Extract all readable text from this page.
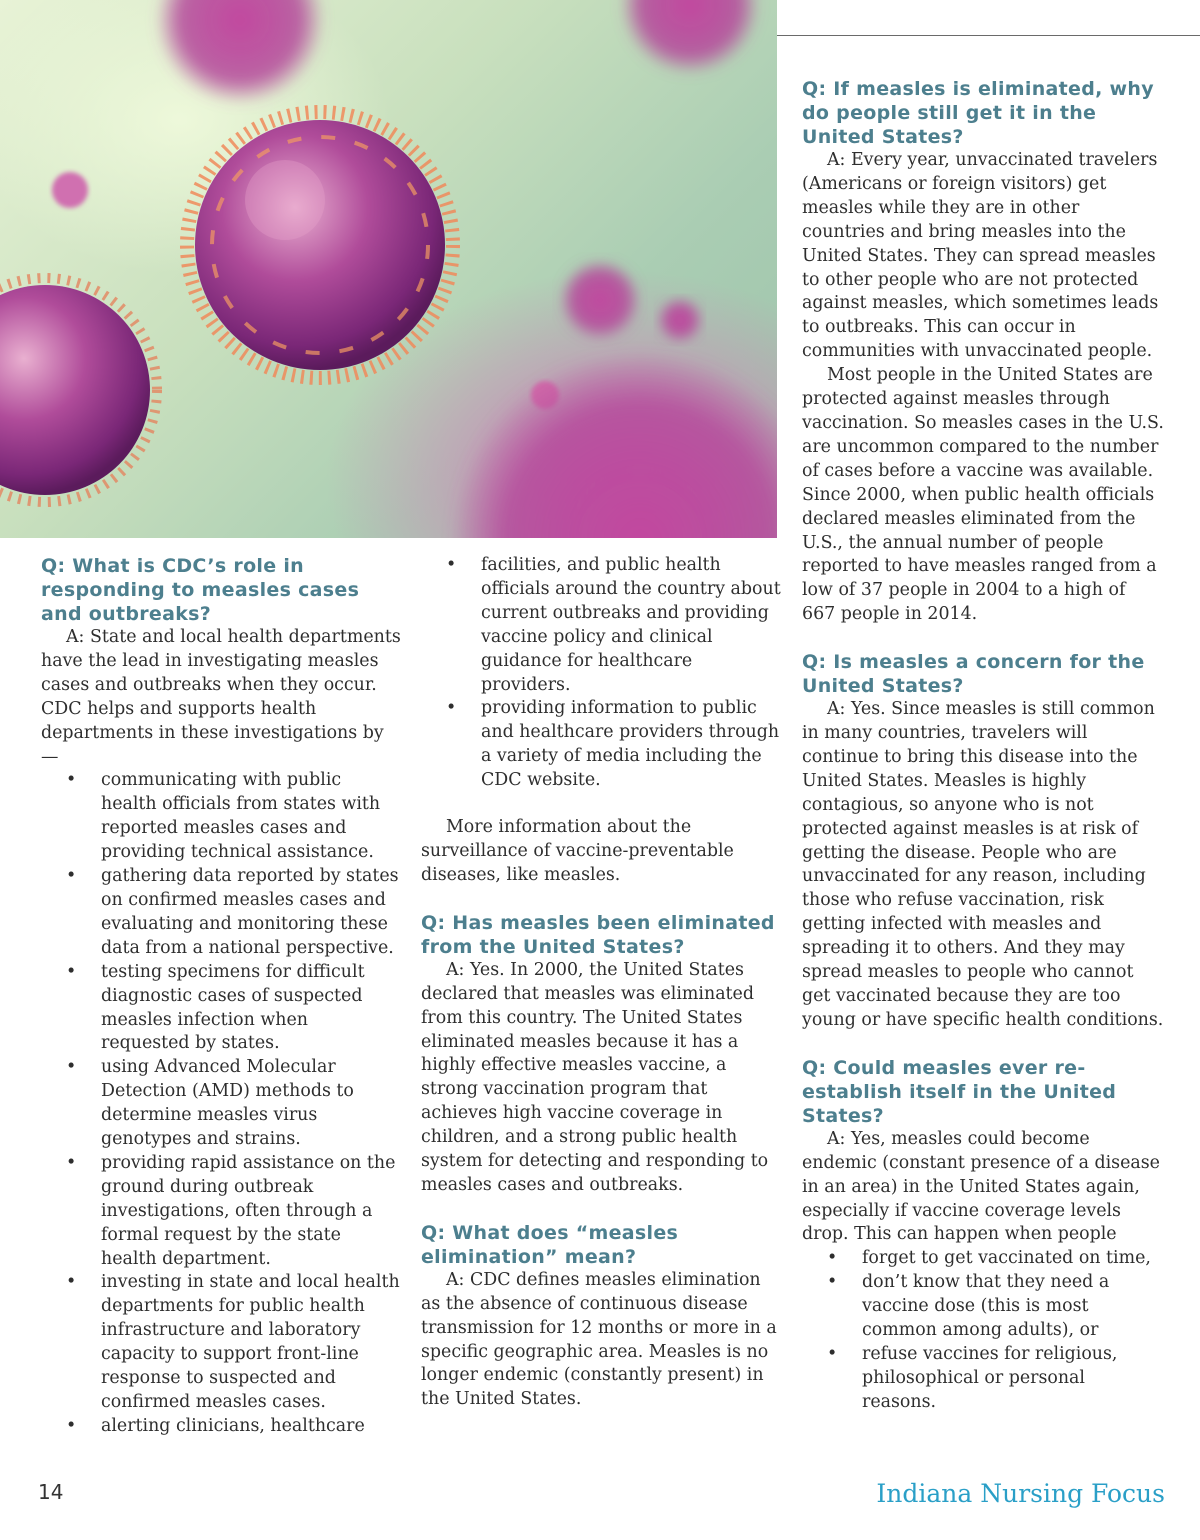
Q: What is CDC’s role in responding to measles cases and outbreaks?

A: State and local health departments have the lead in investigating measles cases and outbreaks when they occur. CDC helps and supports health departments in these investigations by—

• communicating with public health officials from states with reported measles cases and providing technical assistance.
• gathering data reported by states on confirmed measles cases and evaluating and monitoring these data from a national perspective.
• testing specimens for difficult diagnostic cases of suspected measles infection when requested by states.
• using Advanced Molecular Detection (AMD) methods to determine measles virus genotypes and strains.
• providing rapid assistance on the ground during outbreak investigations, often through a formal request by the state health department.
• investing in state and local health departments for public health infrastructure and laboratory capacity to support front-line response to suspected and confirmed measles cases.
• alerting clinicians, healthcare
• facilities, and public health officials around the country about current outbreaks and providing vaccine policy and clinical guidance for healthcare providers.
• providing information to public and healthcare providers through a variety of media including the CDC website.

More information about the surveillance of vaccine-preventable diseases, like measles.

Q: Has measles been eliminated from the United States?

A: Yes. In 2000, the United States declared that measles was eliminated from this country. The United States eliminated measles because it has a highly effective measles vaccine, a strong vaccination program that achieves high vaccine coverage in children, and a strong public health system for detecting and responding to measles cases and outbreaks.

Q: What does “measles elimination” mean?

A: CDC defines measles elimination as the absence of continuous disease transmission for 12 months or more in a specific geographic area. Measles is no longer endemic (constantly present) in the United States.

Q: If measles is eliminated, why do people still get it in the United States?

A: Every year, unvaccinated travelers (Americans or foreign visitors) get measles while they are in other countries and bring measles into the United States. They can spread measles to other people who are not protected against measles, which sometimes leads to outbreaks. This can occur in communities with unvaccinated people.

Most people in the United States are protected against measles through vaccination. So measles cases in the U.S. are uncommon compared to the number of cases before a vaccine was available. Since 2000, when public health officials declared measles eliminated from the U.S., the annual number of people reported to have measles ranged from a low of 37 people in 2004 to a high of 667 people in 2014.

Q: Is measles a concern for the United States?

A: Yes. Since measles is still common in many countries, travelers will continue to bring this disease into the United States. Measles is highly contagious, so anyone who is not protected against measles is at risk of getting the disease. People who are unvaccinated for any reason, including those who refuse vaccination, risk getting infected with measles and spreading it to others. And they may spread measles to people who cannot get vaccinated because they are too young or have specific health conditions.

Q: Could measles ever re-establish itself in the United States?

A: Yes, measles could become endemic (constant presence of a disease in an area) in the United States again, especially if vaccine coverage levels drop. This can happen when people

• forget to get vaccinated on time,
• don’t know that they need a vaccine dose (this is most common among adults), or
• refuse vaccines for religious, philosophical or personal reasons.
14	Indiana Nursing Focus
